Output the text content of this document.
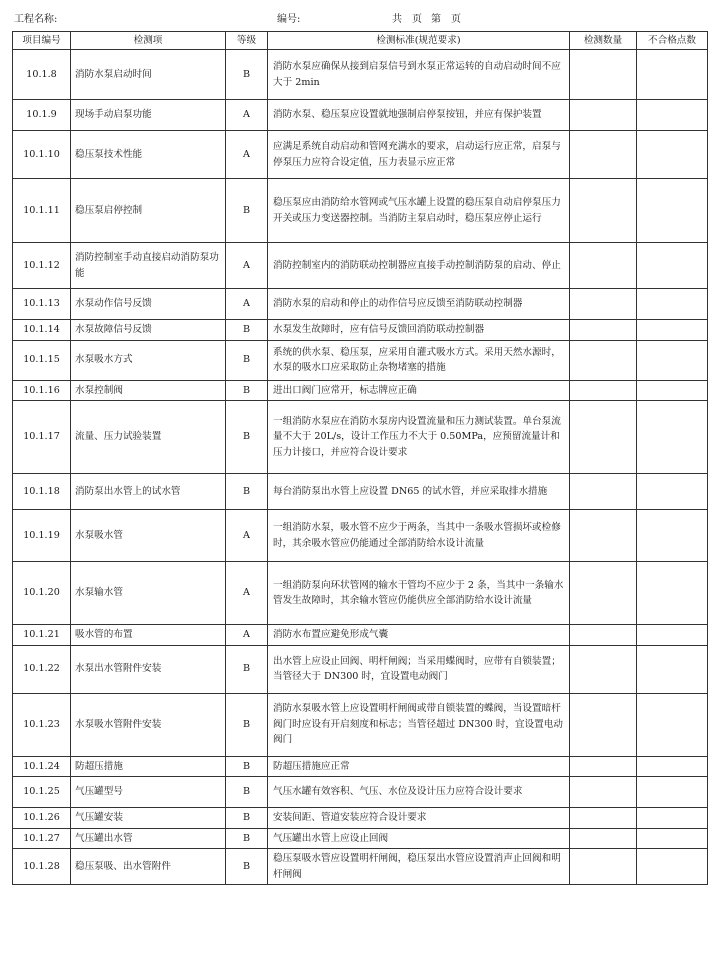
工程名称:	编号:	共　页 第　页
项目编号	检测项	等级	检测标准(规范要求)	检测数量	不合格点数
10.1.8	消防水泵启动时间	B	消防水泵应确保从接到启泵信号到水泵正常运转的自动启动时间不应大于 2min		
10.1.9	现场手动启泵功能	A	消防水泵、稳压泵应设置就地强制启停泵按钮，并应有保护装置		
10.1.10	稳压泵技术性能	A	应满足系统自动启动和管网充满水的要求，启动运行应正常，启泵与停泵压力应符合设定值，压力表显示应正常		
10.1.11	稳压泵启停控制	B	稳压泵应由消防给水管网或气压水罐上设置的稳压泵自动启停泵压力开关或压力变送器控制。当消防主泵启动时，稳压泵应停止运行		
10.1.12	消防控制室手动直接启动消防泵功能	A	消防控制室内的消防联动控制器应直接手动控制消防泵的启动、停止		
10.1.13	水泵动作信号反馈	A	消防水泵的启动和停止的动作信号应反馈至消防联动控制器		
10.1.14	水泵故障信号反馈	B	水泵发生故障时，应有信号反馈回消防联动控制器		
10.1.15	水泵吸水方式	B	系统的供水泵、稳压泵，应采用自灌式吸水方式。采用天然水源时，水泵的吸水口应采取防止杂物堵塞的措施		
10.1.16	水泵控制阀	B	进出口阀门应常开，标志牌应正确		
10.1.17	流量、压力试验装置	B	一组消防水泵应在消防水泵房内设置流量和压力测试装置。单台泵流量不大于 20L/s，设计工作压力不大于 0.50MPa，应预留流量计和压力计接口，并应符合设计要求		
10.1.18	消防泵出水管上的试水管	B	每台消防泵出水管上应设置 DN65 的试水管，并应采取排水措施		
10.1.19	水泵吸水管	A	一组消防水泵，吸水管不应少于两条，当其中一条吸水管损坏或检修时，其余吸水管应仍能通过全部消防给水设计流量		
10.1.20	水泵输水管	A	一组消防泵向环状管网的输水干管均不应少于 2 条，当其中一条输水管发生故障时，其余输水管应仍能供应全部消防给水设计流量		
10.1.21	吸水管的布置	A	消防水布置应避免形成气囊		
10.1.22	水泵出水管附件安装	B	出水管上应设止回阀、明杆闸阀；当采用蝶阀时，应带有自锁装置；当管径大于 DN300 时，宜设置电动阀门		
10.1.23	水泵吸水管附件安装	B	消防水泵吸水管上应设置明杆闸阀或带自锁装置的蝶阀，当设置暗杆阀门时应设有开启刻度和标志；当管径超过 DN300 时，宜设置电动阀门		
10.1.24	防超压措施	B	防超压措施应正常		
10.1.25	气压罐型号	B	气压水罐有效容积、气压、水位及设计压力应符合设计要求		
10.1.26	气压罐安装	B	安装间距、管道安装应符合设计要求		
10.1.27	气压罐出水管	B	气压罐出水管上应设止回阀		
10.1.28	稳压泵吸、出水管附件	B	稳压泵吸水管应设置明杆闸阀，稳压泵出水管应设置消声止回阀和明杆闸阀		
